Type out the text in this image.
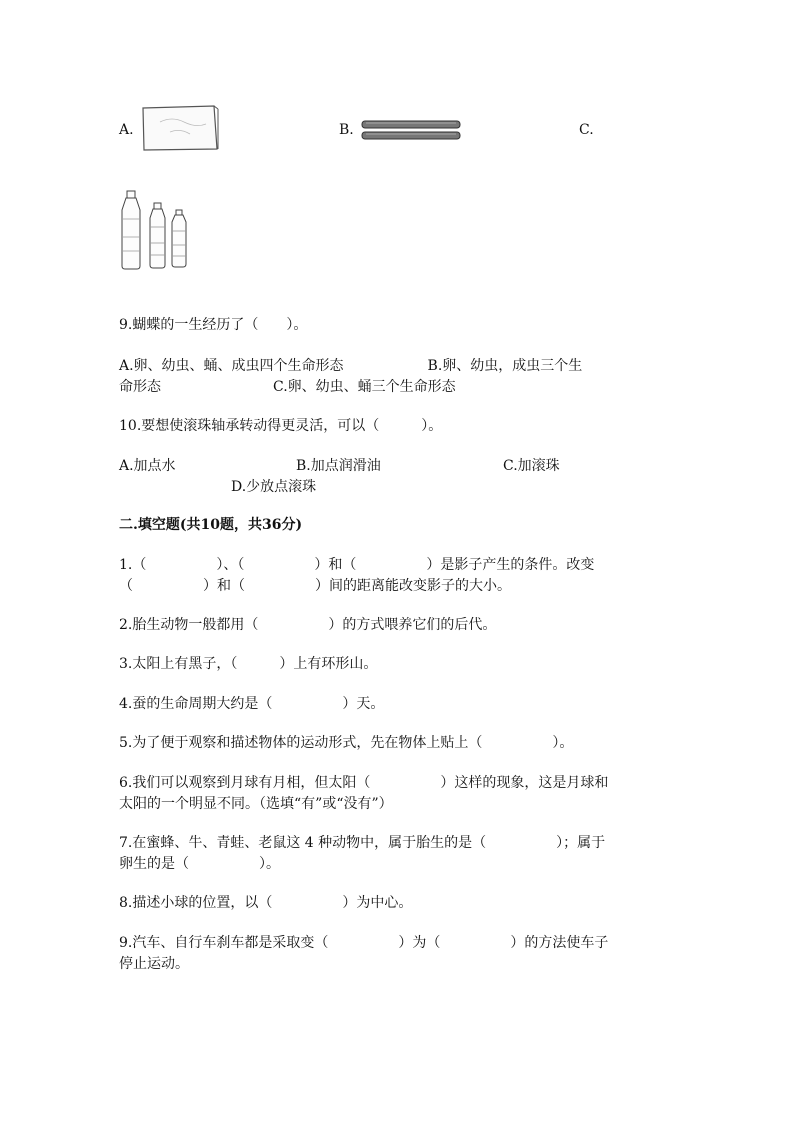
A.	B.	C.
9.蝴蝶的一生经历了（　　）。
A.卵、幼虫、蛹、成虫四个生命形态　　　　　　B.卵、幼虫，成虫三个生
命形态　　　　　　　　C.卵、幼虫、蛹三个生命形态
10.要想使滚珠轴承转动得更灵活，可以（　　　）。
A.加点水	B.加点润滑油	C.加滚珠
D.少放点滚珠
二.填空题(共10题，共36分)
1.（　　　　　）、（　　　　　）和（　　　　　）是影子产生的条件。改变
（　　　　　）和（　　　　　）间的距离能改变影子的大小。
2.胎生动物一般都用（　　　　　）的方式喂养它们的后代。
3.太阳上有黑子，（　　　）上有环形山。
4.蚕的生命周期大约是（　　　　　）天。
5.为了便于观察和描述物体的运动形式，先在物体上贴上（　　　　　）。
6.我们可以观察到月球有月相，但太阳（　　　　　）这样的现象，这是月球和
太阳的一个明显不同。（选填“有”或“没有”）
7.在蜜蜂、牛、青蛙、老鼠这 4 种动物中，属于胎生的是（　　　　　）；属于
卵生的是（　　　　　）。
8.描述小球的位置，以（　　　　　）为中心。
9.汽车、自行车刹车都是采取变（　　　　　）为（　　　　　）的方法使车子
停止运动。
